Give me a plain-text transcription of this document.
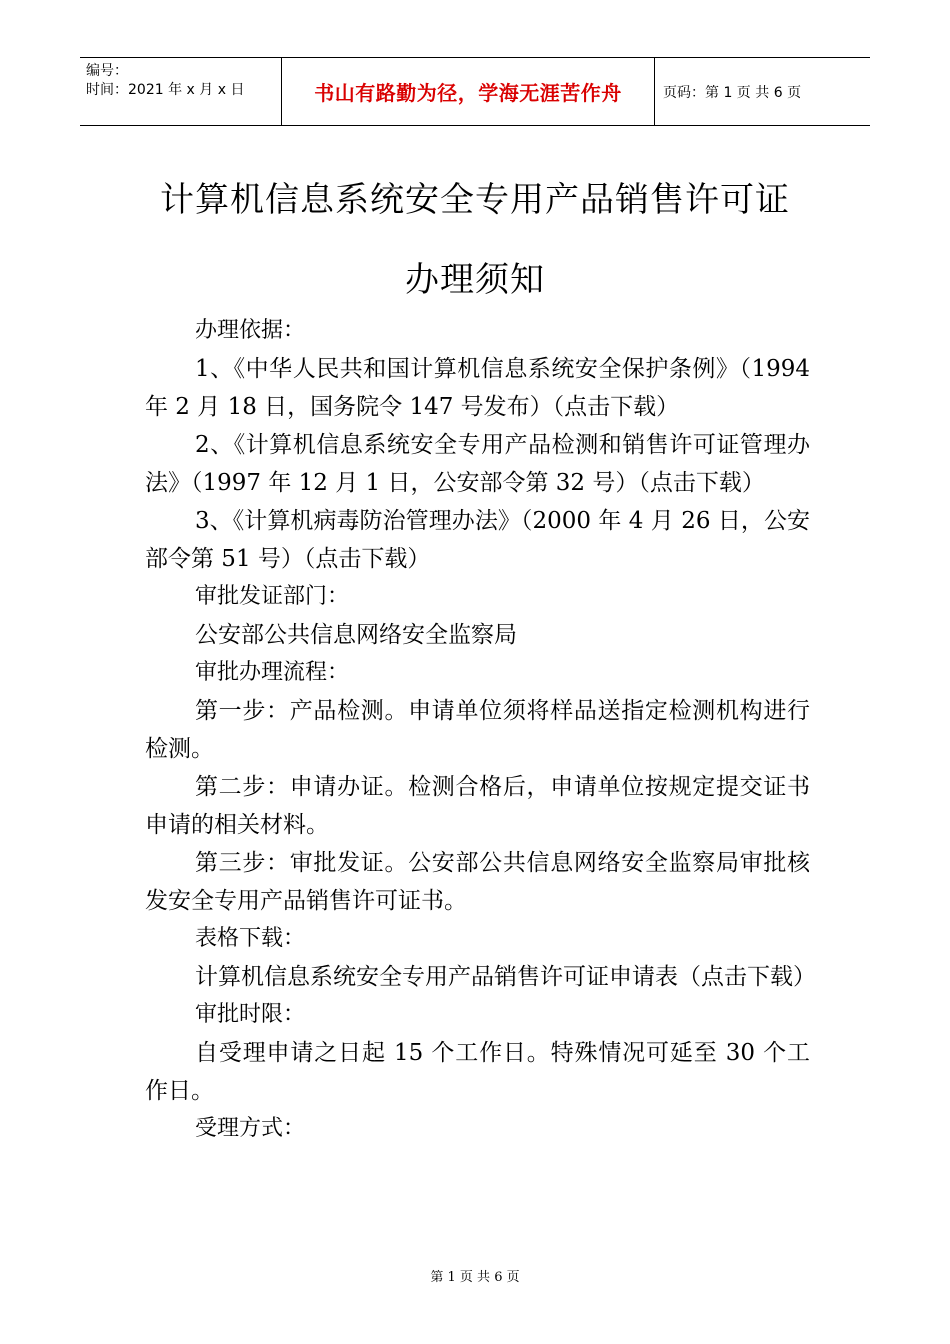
编号：
时间：2021 年 x 月 x 日	书山有路勤为径，学海无涯苦作舟	页码：第 1 页 共 6 页
计算机信息系统安全专用产品销售许可证
办理须知

办理依据：

1、《中华人民共和国计算机信息系统安全保护条例》（1994 年 2 月 18 日，国务院令 147 号发布）（点击下载）

2、《计算机信息系统安全专用产品检测和销售许可证管理办法》（1997 年 12 月 1 日，公安部令第 32 号）（点击下载）

3、《计算机病毒防治管理办法》（2000 年 4 月 26 日，公安部令第 51 号）（点击下载）

审批发证部门：

公安部公共信息网络安全监察局

审批办理流程：

第一步：产品检测。申请单位须将样品送指定检测机构进行检测。

第二步：申请办证。检测合格后，申请单位按规定提交证书申请的相关材料。

第三步：审批发证。公安部公共信息网络安全监察局审批核发安全专用产品销售许可证书。

表格下载：

计算机信息系统安全专用产品销售许可证申请表（点击下载）

审批时限：

自受理申请之日起 15 个工作日。特殊情况可延至 30 个工作日。

受理方式：

第 1 页 共 6 页
